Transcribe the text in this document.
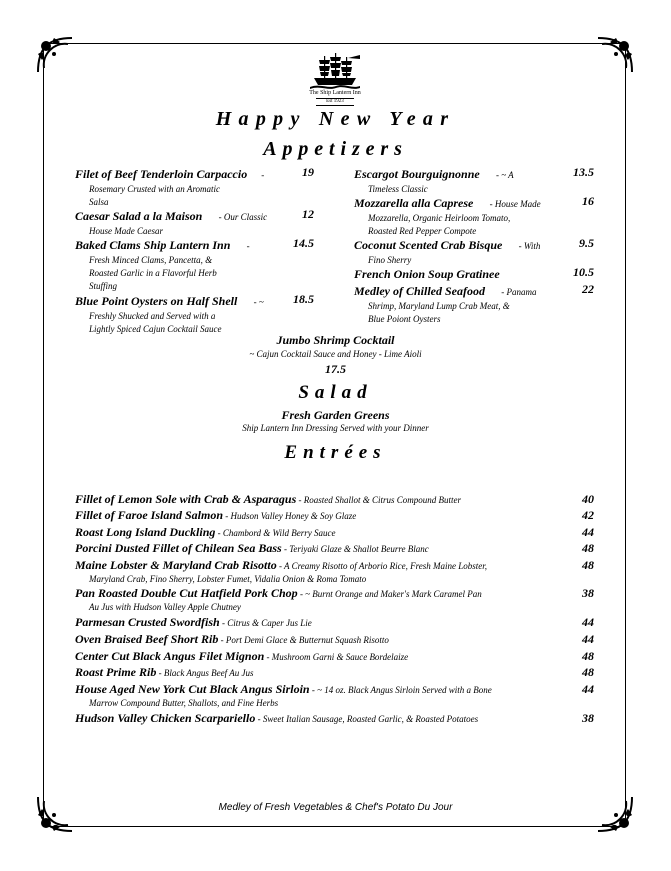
The Ship Lantern Inn
Est 1923
Happy New Year
Appetizers
Filet of Beef Tenderloin Carpaccio -
Rosemary Crusted with an Aromatic
Salsa
19
Caesar Salad a la Maison - Our Classic
House Made Caesar
12
Baked Clams Ship Lantern Inn -
Fresh Minced Clams, Pancetta, &
Roasted Garlic in a Flavorful Herb
Stuffing
14.5
Blue Point Oysters on Half Shell - ~
Freshly Shucked and Served with a
Lightly Spiced Cajun Cocktail Sauce
18.5
Escargot Bourguignonne - ~ A
Timeless Classic
13.5
Mozzarella alla Caprese - House Made
Mozzarella, Organic Heirloom Tomato,
Roasted Red Pepper Compote
16
Coconut Scented Crab Bisque - With
Fino Sherry
9.5
French Onion Soup Gratinee	10.5
Medley of Chilled Seafood - Panama
Shrimp, Maryland Lump Crab Meat, &
Blue Poiont Oysters
22
Jumbo Shrimp Cocktail
~ Cajun Cocktail Sauce and Honey - Lime Aioli
17.5
Salad
Fresh Garden Greens
Ship Lantern Inn Dressing Served with your Dinner
Entrées
Fillet of Lemon Sole with Crab & Asparagus - Roasted Shallot & Citrus Compound Butter	40
Fillet of Faroe Island Salmon - Hudson Valley Honey & Soy Glaze	42
Roast Long Island Duckling - Chambord & Wild Berry Sauce	44
Porcini Dusted Fillet of Chilean Sea Bass - Teriyaki Glaze & Shallot Beurre Blanc	48
Maine Lobster & Maryland Crab Risotto - A Creamy Risotto of Arborio Rice, Fresh Maine Lobster,
Maryland Crab, Fino Sherry, Lobster Fumet, Vidalia Onion & Roma Tomato
48
Pan Roasted Double Cut Hatfield Pork Chop - ~ Burnt Orange and Maker's Mark Caramel Pan
Au Jus with Hudson Valley Apple Chutney
38
Parmesan Crusted Swordfish - Citrus & Caper Jus Lie	44
Oven Braised Beef Short Rib - Port Demi Glace & Butternut Squash Risotto	44
Center Cut Black Angus Filet Mignon - Mushroom Garni & Sauce Bordelaize	48
Roast Prime Rib - Black Angus Beef Au Jus	48
House Aged New York Cut Black Angus Sirloin - ~ 14 oz. Black Angus Sirloin Served with a Bone
Marrow Compound Butter, Shallots, and Fine Herbs
44
Hudson Valley Chicken Scarpariello - Sweet Italian Sausage, Roasted Garlic, & Roasted Potatoes	38
Medley of Fresh Vegetables & Chef's Potato Du Jour
